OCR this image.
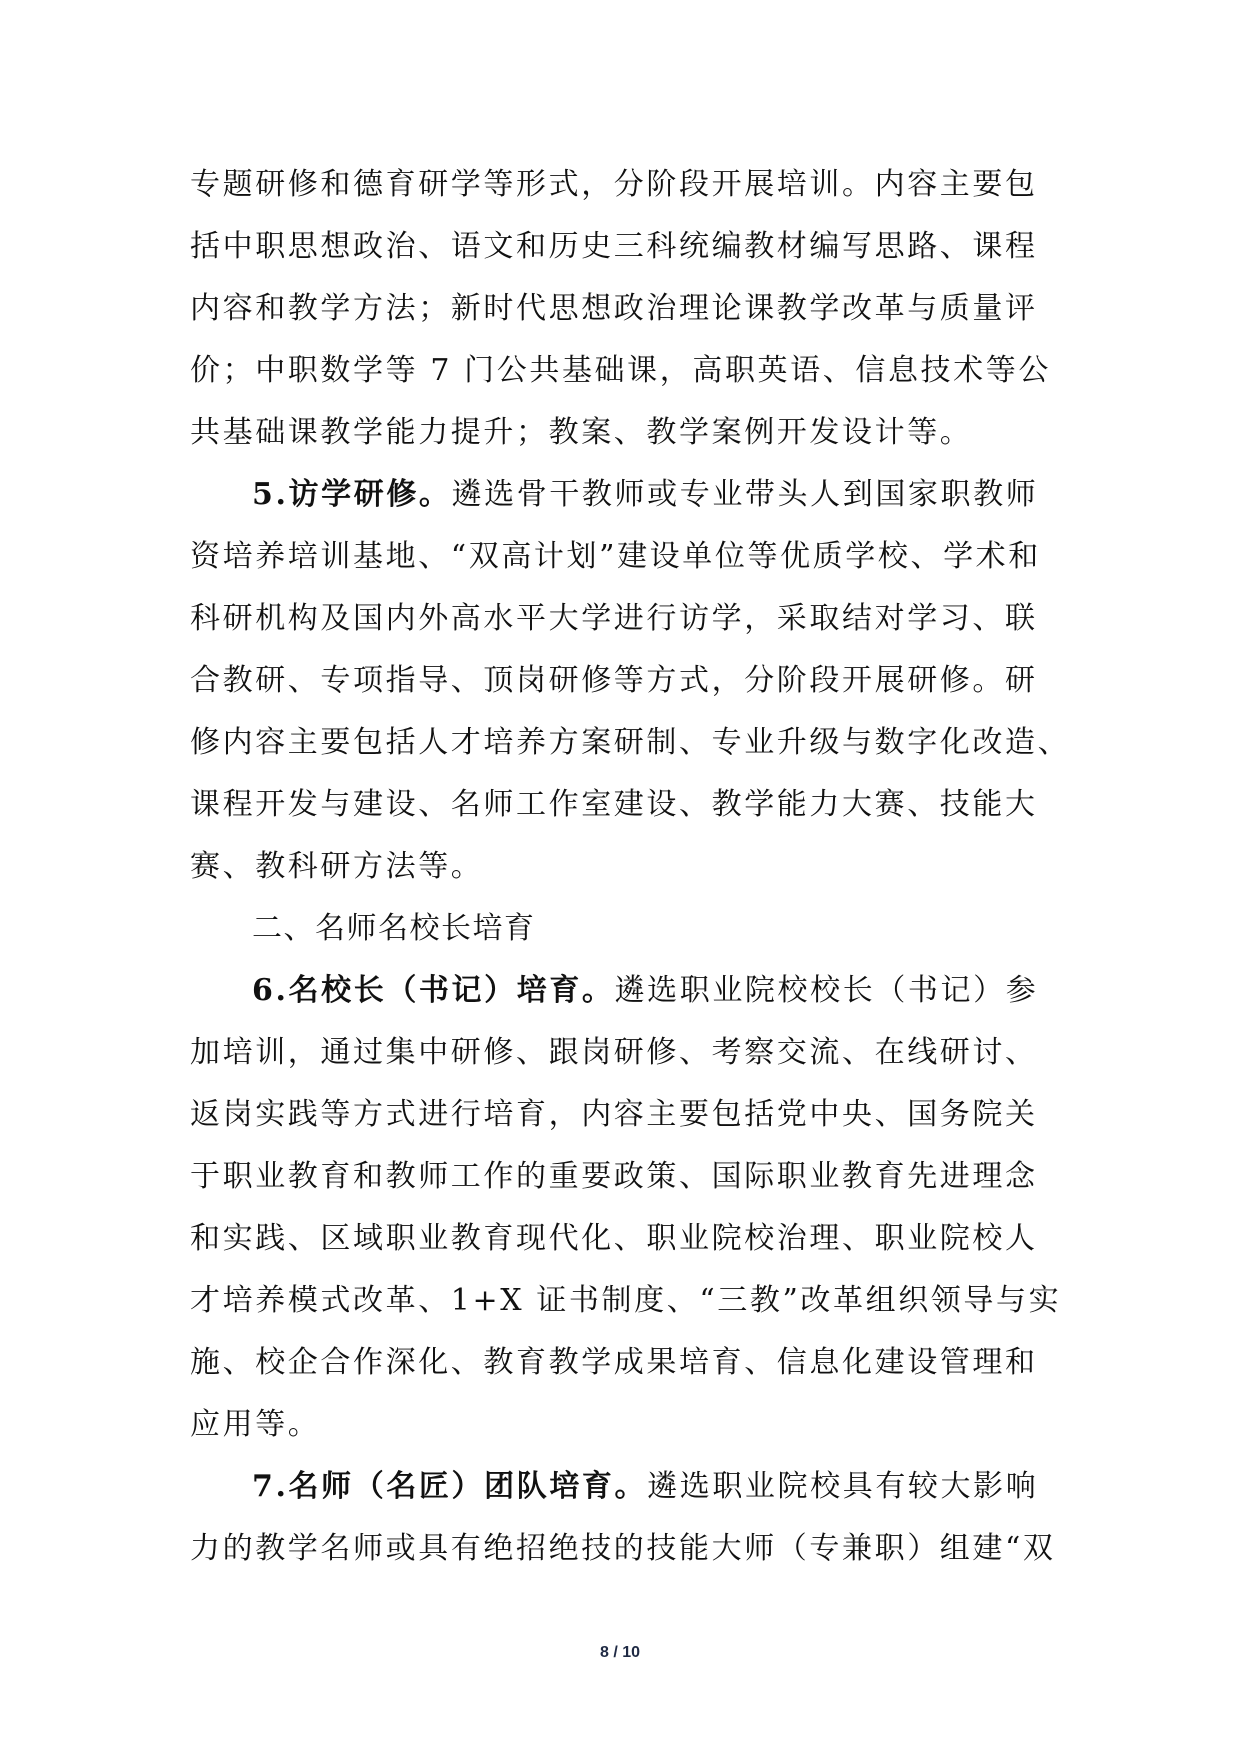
专题研修和德育研学等形式，分阶段开展培训。内容主要包
括中职思想政治、语文和历史三科统编教材编写思路、课程
内容和教学方法；新时代思想政治理论课教学改革与质量评
价；中职数学等 7 门公共基础课，高职英语、信息技术等公
共基础课教学能力提升；教案、教学案例开发设计等。
5.访学研修。遴选骨干教师或专业带头人到国家职教师
资培养培训基地、“双高计划”建设单位等优质学校、学术和
科研机构及国内外高水平大学进行访学，采取结对学习、联
合教研、专项指导、顶岗研修等方式，分阶段开展研修。研
修内容主要包括人才培养方案研制、专业升级与数字化改造、
课程开发与建设、名师工作室建设、教学能力大赛、技能大
赛、教科研方法等。
二、名师名校长培育
6.名校长（书记）培育。遴选职业院校校长（书记）参
加培训，通过集中研修、跟岗研修、考察交流、在线研讨、
返岗实践等方式进行培育，内容主要包括党中央、国务院关
于职业教育和教师工作的重要政策、国际职业教育先进理念
和实践、区域职业教育现代化、职业院校治理、职业院校人
才培养模式改革、1+X 证书制度、“三教”改革组织领导与实
施、校企合作深化、教育教学成果培育、信息化建设管理和
应用等。
7.名师（名匠）团队培育。遴选职业院校具有较大影响
力的教学名师或具有绝招绝技的技能大师（专兼职）组建“双
8 / 10
